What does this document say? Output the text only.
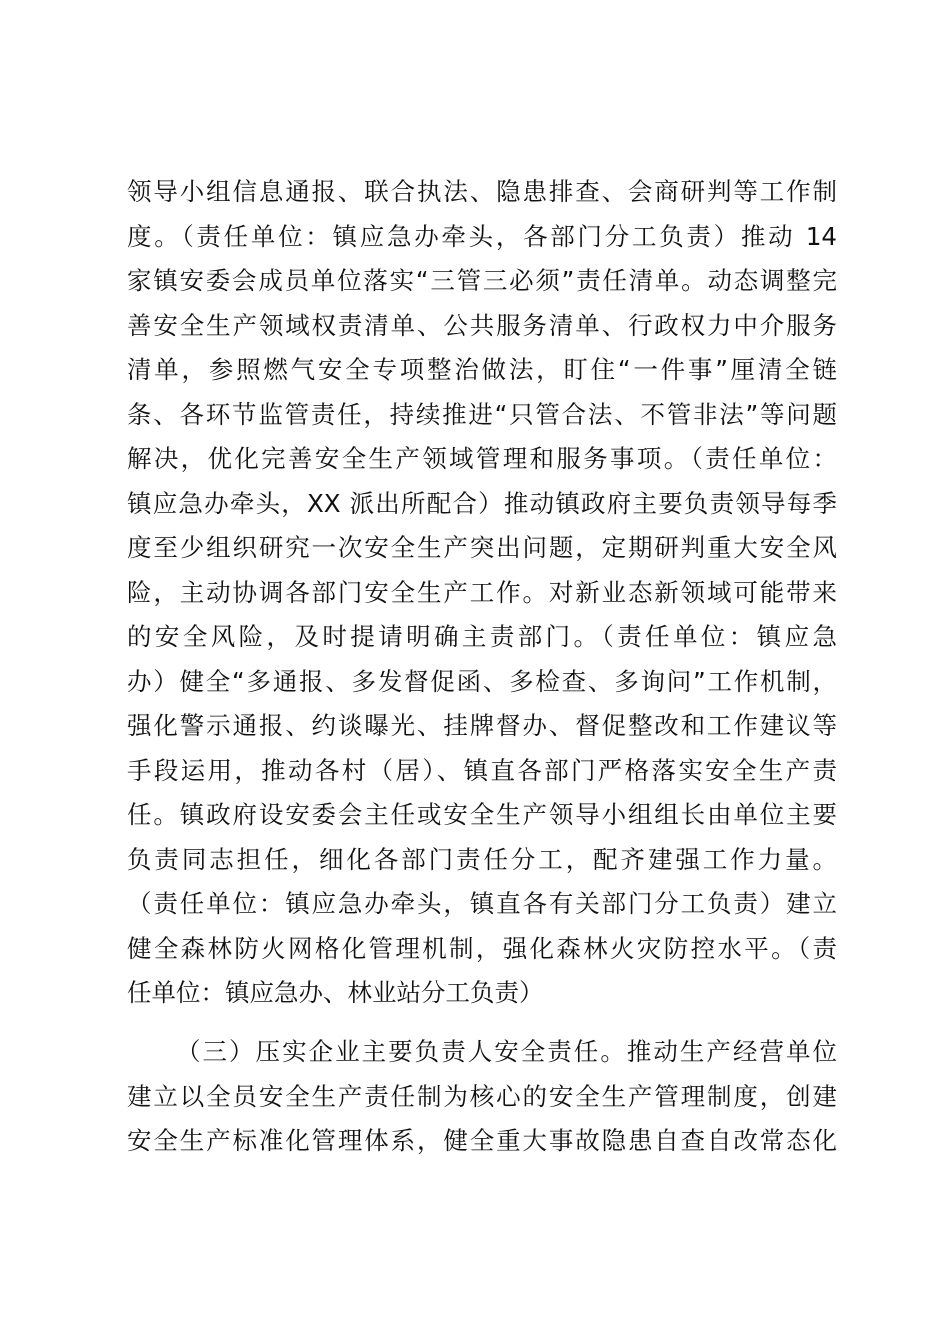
领导小组信息通报、联合执法、隐患排查、会商研判等工作制
度。（责任单位：镇应急办牵头，各部门分工负责）推动 14
家镇安委会成员单位落实“三管三必须”责任清单。动态调整完
善安全生产领域权责清单、公共服务清单、行政权力中介服务
清单，参照燃气安全专项整治做法，盯住“一件事”厘清全链
条、各环节监管责任，持续推进“只管合法、不管非法”等问题
解决，优化完善安全生产领域管理和服务事项。（责任单位：
镇应急办牵头，XX 派出所配合）推动镇政府主要负责领导每季
度至少组织研究一次安全生产突出问题，定期研判重大安全风
险，主动协调各部门安全生产工作。对新业态新领域可能带来
的安全风险，及时提请明确主责部门。（责任单位：镇应急
办）健全“多通报、多发督促函、多检查、多询问”工作机制，
强化警示通报、约谈曝光、挂牌督办、督促整改和工作建议等
手段运用，推动各村（居）、镇直各部门严格落实安全生产责
任。镇政府设安委会主任或安全生产领导小组组长由单位主要
负责同志担任，细化各部门责任分工，配齐建强工作力量。
（责任单位：镇应急办牵头，镇直各有关部门分工负责）建立
健全森林防火网格化管理机制，强化森林火灾防控水平。（责
任单位：镇应急办、林业站分工负责）
（三）压实企业主要负责人安全责任。推动生产经营单位
建立以全员安全生产责任制为核心的安全生产管理制度，创建
安全生产标准化管理体系，健全重大事故隐患自查自改常态化
